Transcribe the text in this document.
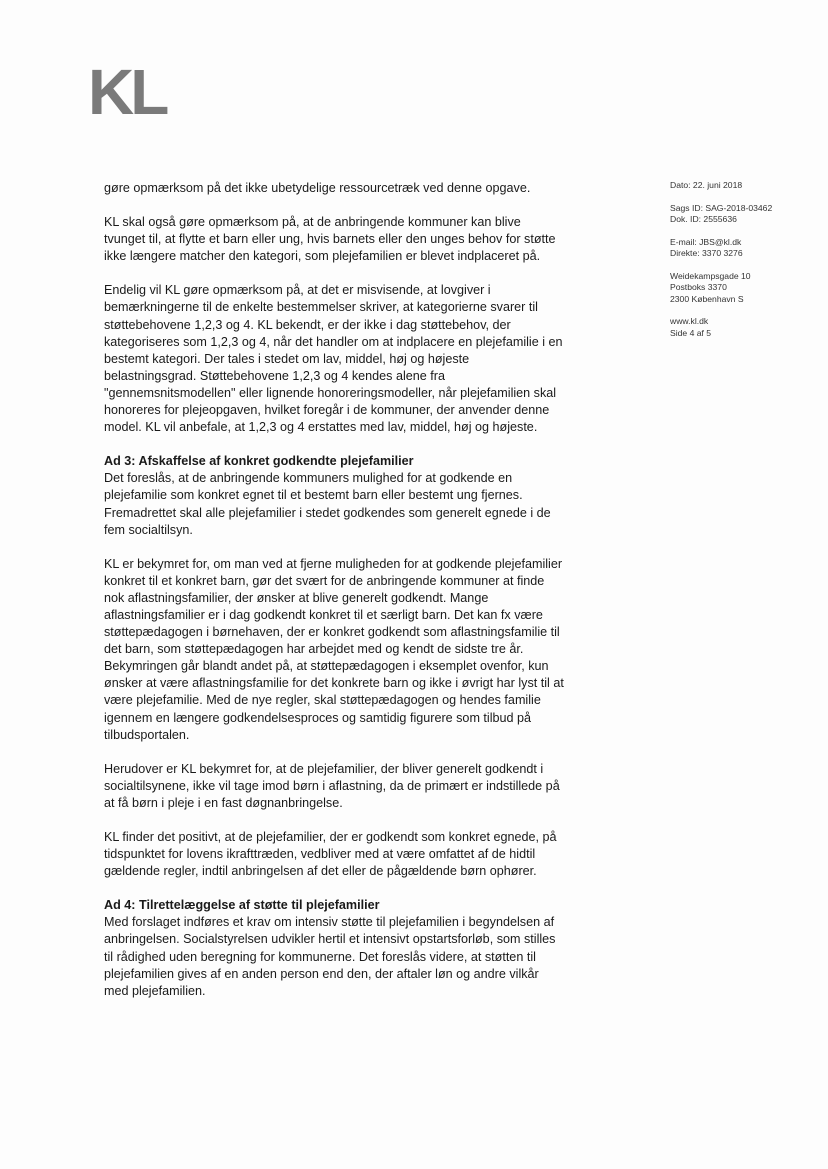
KL

gøre opmærksom på det ikke ubetydelige ressourcetræk ved denne opgave.

KL skal også gøre opmærksom på, at de anbringende kommuner kan blive tvunget til, at flytte et barn eller ung, hvis barnets eller den unges behov for støtte ikke længere matcher den kategori, som plejefamilien er blevet indplaceret på.

Endelig vil KL gøre opmærksom på, at det er misvisende, at lovgiver i bemærkningerne til de enkelte bestemmelser skriver, at kategorierne svarer til støttebehovene 1,2,3 og 4. KL bekendt, er der ikke i dag støttebehov, der kategoriseres som 1,2,3 og 4, når det handler om at indplacere en plejefamilie i en bestemt kategori. Der tales i stedet om lav, middel, høj og højeste belastningsgrad. Støttebehovene 1,2,3 og 4 kendes alene fra "gennemsnitsmodellen" eller lignende honoreringsmodeller, når plejefamilien skal honoreres for plejeopgaven, hvilket foregår i de kommuner, der anvender denne model. KL vil anbefale, at 1,2,3 og 4 erstattes med lav, middel, høj og højeste.

Ad 3: Afskaffelse af konkret godkendte plejefamilier

Det foreslås, at de anbringende kommuners mulighed for at godkende en plejefamilie som konkret egnet til et bestemt barn eller bestemt ung fjernes. Fremadrettet skal alle plejefamilier i stedet godkendes som generelt egnede i de fem socialtilsyn.

KL er bekymret for, om man ved at fjerne muligheden for at godkende plejefamilier konkret til et konkret barn, gør det svært for de anbringende kommuner at finde nok aflastningsfamilier, der ønsker at blive generelt godkendt. Mange aflastningsfamilier er i dag godkendt konkret til et særligt barn. Det kan fx være støttepædagogen i børnehaven, der er konkret godkendt som aflastningsfamilie til det barn, som støttepædagogen har arbejdet med og kendt de sidste tre år. Bekymringen går blandt andet på, at støttepædagogen i eksemplet ovenfor, kun ønsker at være aflastningsfamilie for det konkrete barn og ikke i øvrigt har lyst til at være plejefamilie. Med de nye regler, skal støttepædagogen og hendes familie igennem en længere godkendelsesproces og samtidig figurere som tilbud på tilbudsportalen.

Herudover er KL bekymret for, at de plejefamilier, der bliver generelt godkendt i socialtilsynene, ikke vil tage imod børn i aflastning, da de primært er indstillede på at få børn i pleje i en fast døgnanbringelse.

KL finder det positivt, at de plejefamilier, der er godkendt som konkret egnede, på tidspunktet for lovens ikrafttræden, vedbliver med at være omfattet af de hidtil gældende regler, indtil anbringelsen af det eller de pågældende børn ophører.

Ad 4: Tilrettelæggelse af støtte til plejefamilier

Med forslaget indføres et krav om intensiv støtte til plejefamilien i begyndelsen af anbringelsen. Socialstyrelsen udvikler hertil et intensivt opstartsforløb, som stilles til rådighed uden beregning for kommunerne. Det foreslås videre, at støtten til plejefamilien gives af en anden person end den, der aftaler løn og andre vilkår med plejefamilien.

Dato: 22. juni 2018
Sags ID: SAG-2018-03462
Dok. ID: 2555636
E-mail: JBS@kl.dk
Direkte: 3370 3276
Weidekampsgade 10
Postboks 3370
2300 København S
www.kl.dk
Side 4 af 5
